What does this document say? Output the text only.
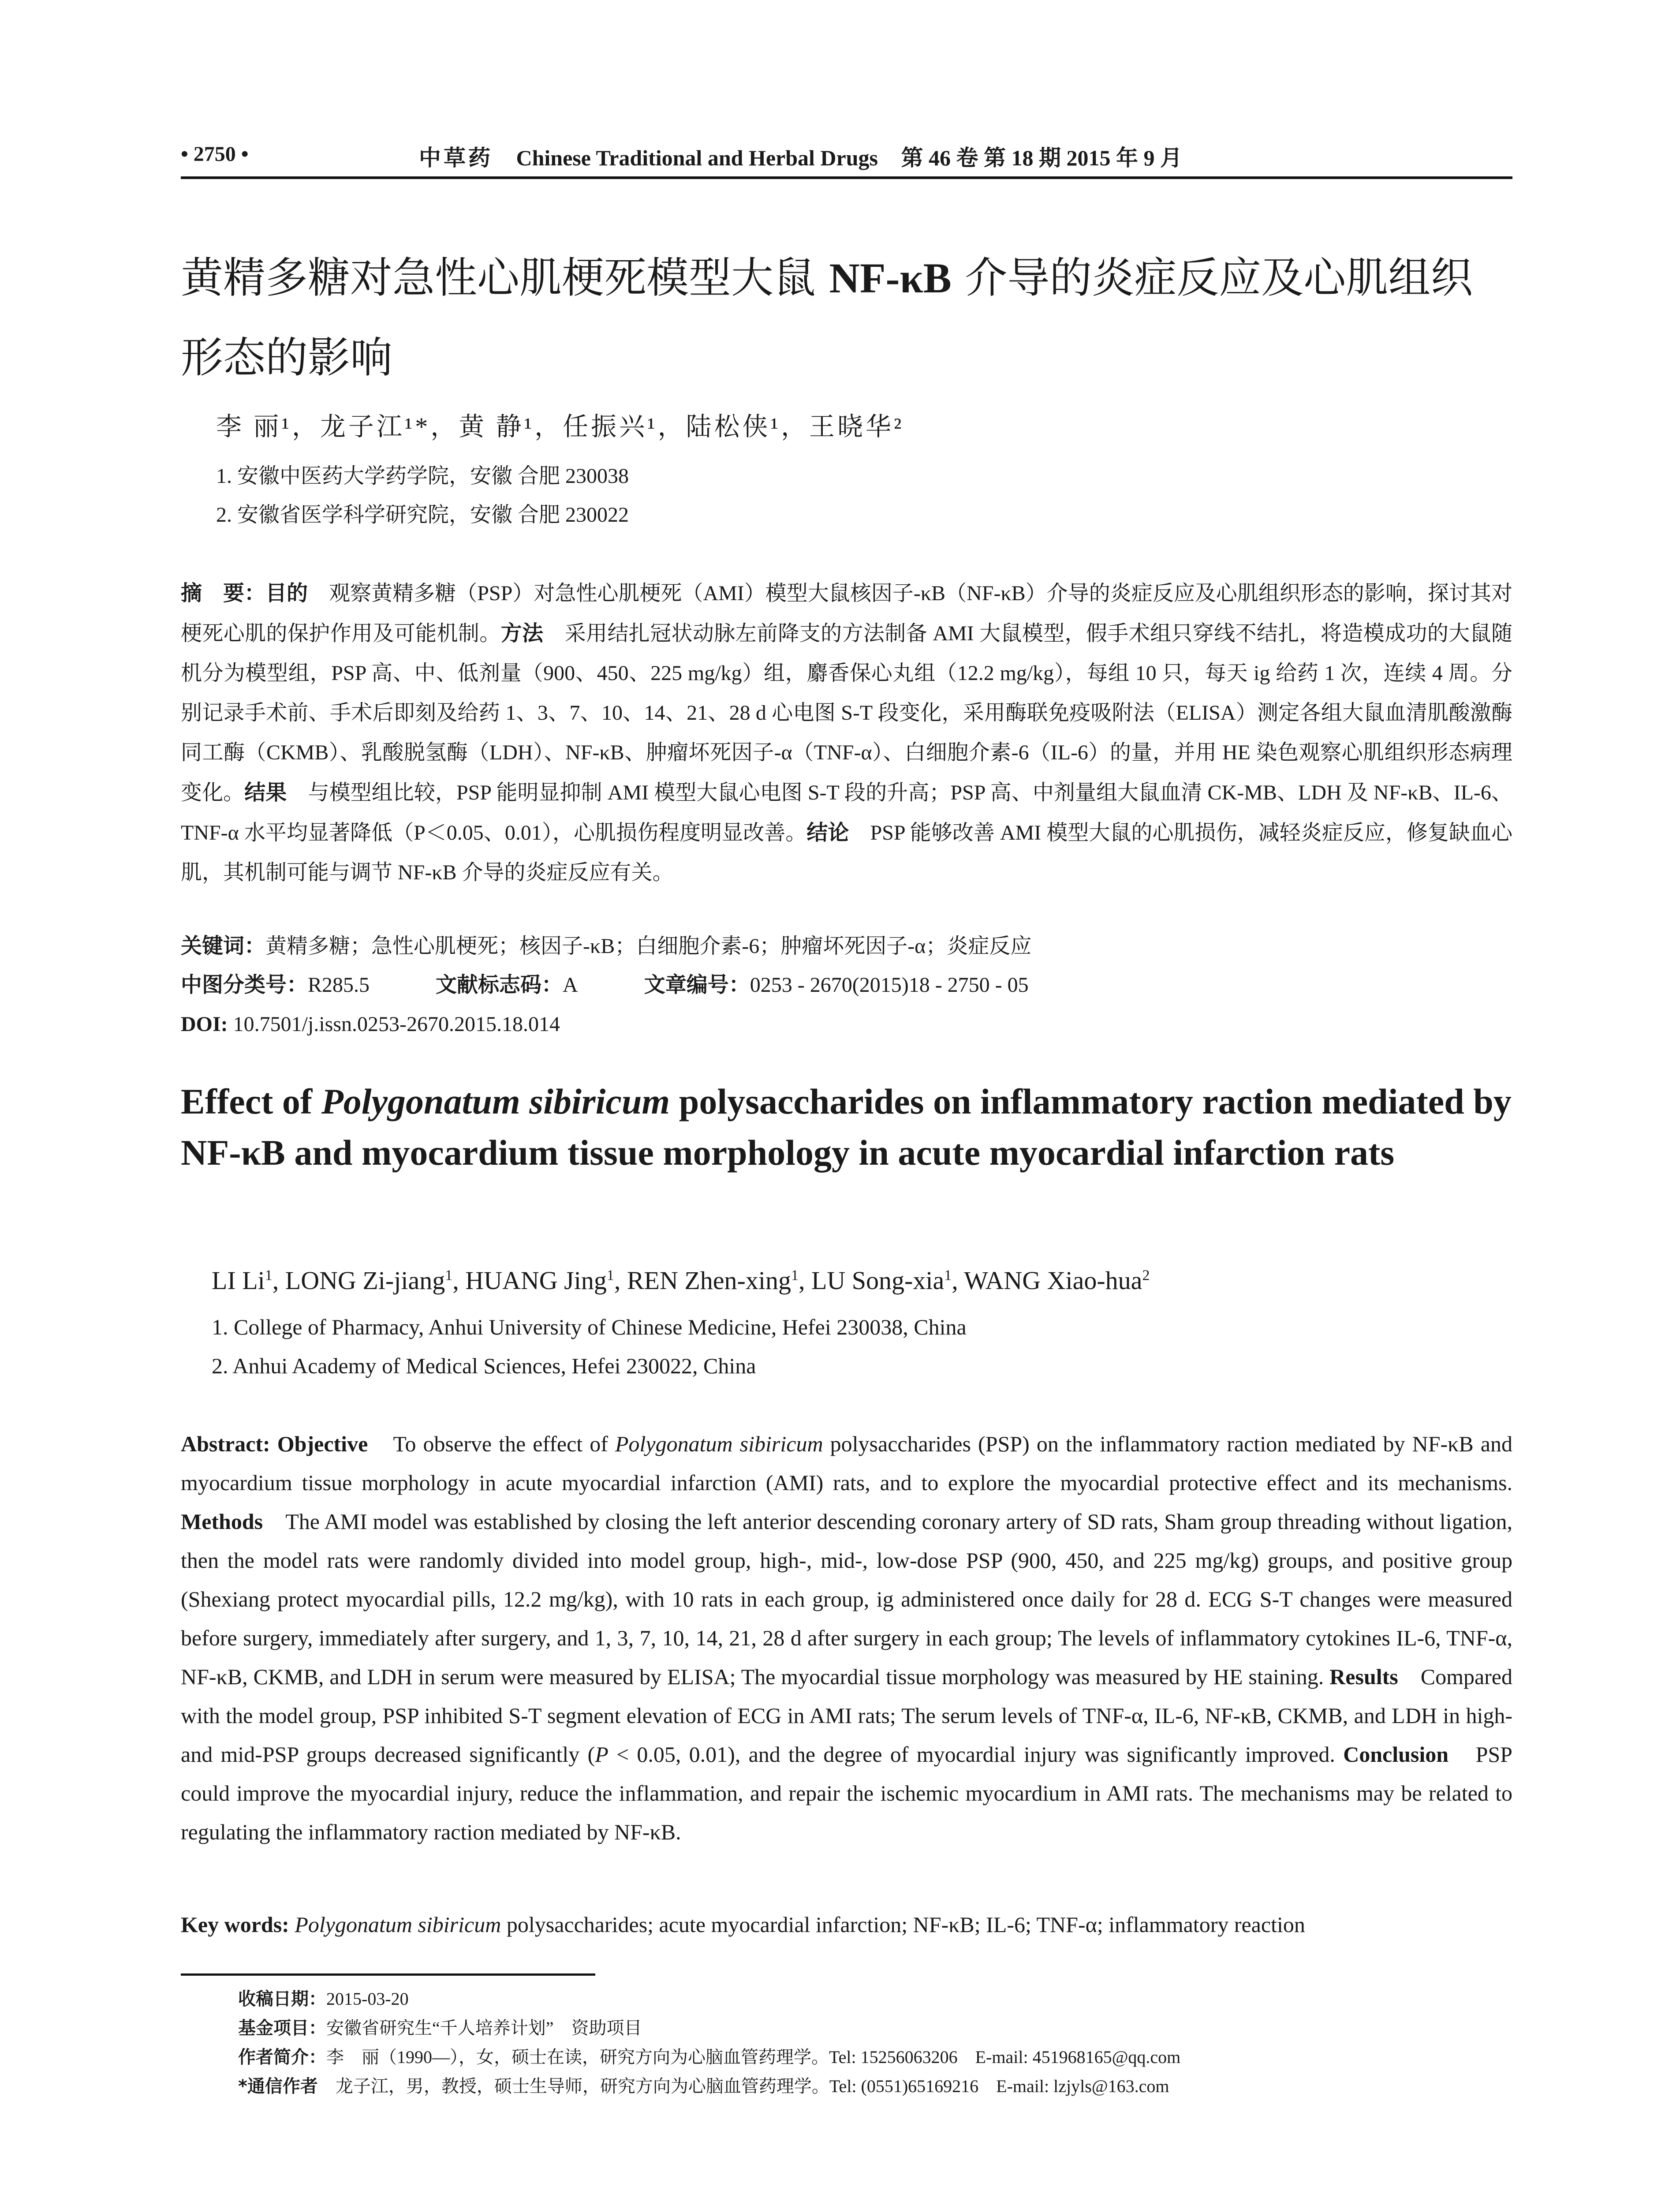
• 2750 •	中草药 Chinese Traditional and Herbal Drugs 第 46 卷 第 18 期 2015 年 9 月
黄精多糖对急性心肌梗死模型大鼠 NF-κB 介导的炎症反应及心肌组织形态的影响
李 丽¹，龙子江¹*，黄 静¹，任振兴¹，陆松侠¹，王晓华²
1. 安徽中医药大学药学院，安徽 合肥 230038
2. 安徽省医学科学研究院，安徽 合肥 230022
摘　要：目的　观察黄精多糖（PSP）对急性心肌梗死（AMI）模型大鼠核因子-κB（NF-κB）介导的炎症反应及心肌组织形态的影响，探讨其对梗死心肌的保护作用及可能机制。方法　采用结扎冠状动脉左前降支的方法制备 AMI 大鼠模型，假手术组只穿线不结扎，将造模成功的大鼠随机分为模型组，PSP 高、中、低剂量（900、450、225 mg/kg）组，麝香保心丸组（12.2 mg/kg），每组 10 只，每天 ig 给药 1 次，连续 4 周。分别记录手术前、手术后即刻及给药 1、3、7、10、14、21、28 d 心电图 S-T 段变化，采用酶联免疫吸附法（ELISA）测定各组大鼠血清肌酸激酶同工酶（CKMB）、乳酸脱氢酶（LDH）、NF-κB、肿瘤坏死因子-α（TNF-α）、白细胞介素-6（IL-6）的量，并用 HE 染色观察心肌组织形态病理变化。结果　与模型组比较，PSP 能明显抑制 AMI 模型大鼠心电图 S-T 段的升高；PSP 高、中剂量组大鼠血清 CK-MB、LDH 及 NF-κB、IL-6、TNF-α 水平均显著降低（P＜0.05、0.01），心肌损伤程度明显改善。结论　PSP 能够改善 AMI 模型大鼠的心肌损伤，减轻炎症反应，修复缺血心肌，其机制可能与调节 NF-κB 介导的炎症反应有关。
关键词：黄精多糖；急性心肌梗死；核因子-κB；白细胞介素-6；肿瘤坏死因子-α；炎症反应
中图分类号：R285.5	文献标志码：A	文章编号：0253 - 2670(2015)18 - 2750 - 05
DOI: 10.7501/j.issn.0253-2670.2015.18.014
Effect of Polygonatum sibiricum polysaccharides on inflammatory raction mediated by NF-κB and myocardium tissue morphology in acute myocardial infarction rats
LI Li$^1$, LONG Zi-jiang$^1$, HUANG Jing$^1$, REN Zhen-xing$^1$, LU Song-xia$^1$, WANG Xiao-hua$^2$
1. College of Pharmacy, Anhui University of Chinese Medicine, Hefei 230038, China
2. Anhui Academy of Medical Sciences, Hefei 230022, China
Abstract: Objective　To observe the effect of Polygonatum sibiricum polysaccharides (PSP) on the inflammatory raction mediated by NF-κB and myocardium tissue morphology in acute myocardial infarction (AMI) rats, and to explore the myocardial protective effect and its mechanisms. Methods　The AMI model was established by closing the left anterior descending coronary artery of SD rats, Sham group threading without ligation, then the model rats were randomly divided into model group, high-, mid-, low-dose PSP (900, 450, and 225 mg/kg) groups, and positive group (Shexiang protect myocardial pills, 12.2 mg/kg), with 10 rats in each group, ig administered once daily for 28 d. ECG S-T changes were measured before surgery, immediately after surgery, and 1, 3, 7, 10, 14, 21, 28 d after surgery in each group; The levels of inflammatory cytokines IL-6, TNF-α, NF-κB, CKMB, and LDH in serum were measured by ELISA; The myocardial tissue morphology was measured by HE staining. Results　Compared with the model group, PSP inhibited S-T segment elevation of ECG in AMI rats; The serum levels of TNF-α, IL-6, NF-κB, CKMB, and LDH in high- and mid-PSP groups decreased significantly (P < 0.05, 0.01), and the degree of myocardial injury was significantly improved. Conclusion　PSP could improve the myocardial injury, reduce the inflammation, and repair the ischemic myocardium in AMI rats. The mechanisms may be related to regulating the inflammatory raction mediated by NF-κB.
Key words: Polygonatum sibiricum polysaccharides; acute myocardial infarction; NF-κB; IL-6; TNF-α; inflammatory reaction
收稿日期：2015-03-20
基金项目：安徽省研究生“千人培养计划”　资助项目
作者简介：李　丽（1990—），女，硕士在读，研究方向为心脑血管药理学。Tel: 15256063206　E-mail: 451968165@qq.com
*通信作者　龙子江，男，教授，硕士生导师，研究方向为心脑血管药理学。Tel: (0551)65169216　E-mail: lzjyls@163.com
